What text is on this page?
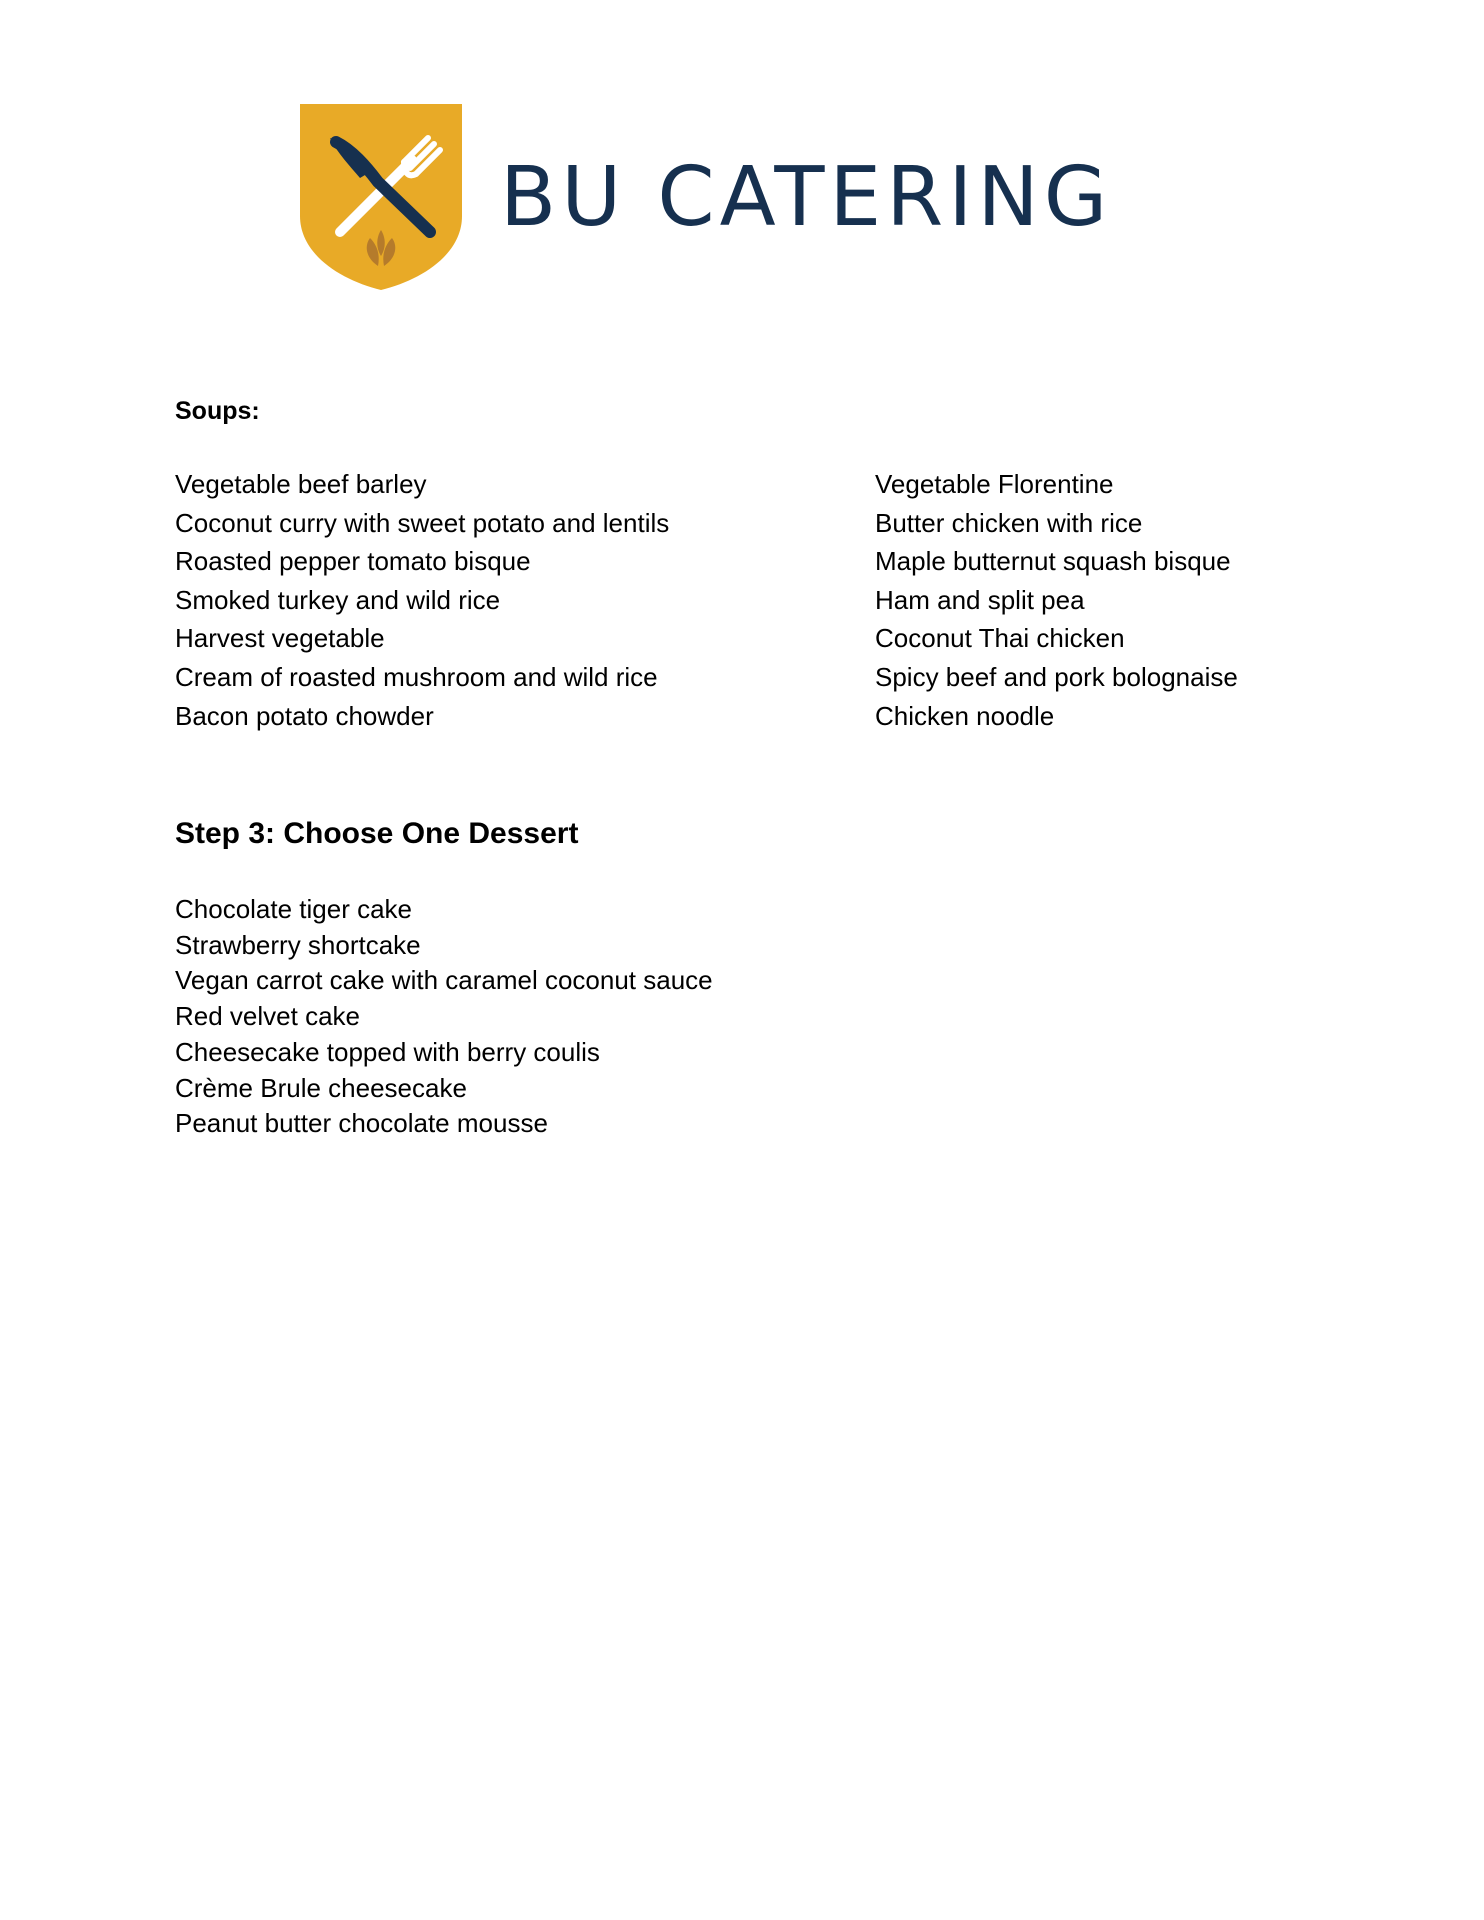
BU CATERING
Soups:
Vegetable beef barley
Coconut curry with sweet potato and lentils
Roasted pepper tomato bisque
Smoked turkey and wild rice
Harvest vegetable
Cream of roasted mushroom and wild rice
Bacon potato chowder
Vegetable Florentine
Butter chicken with rice
Maple butternut squash bisque
Ham and split pea
Coconut Thai chicken
Spicy beef and pork bolognaise
Chicken noodle
Step 3: Choose One Dessert
Chocolate tiger cake
Strawberry shortcake
Vegan carrot cake with caramel coconut sauce
Red velvet cake
Cheesecake topped with berry coulis
Crème Brule cheesecake
Peanut butter chocolate mousse
